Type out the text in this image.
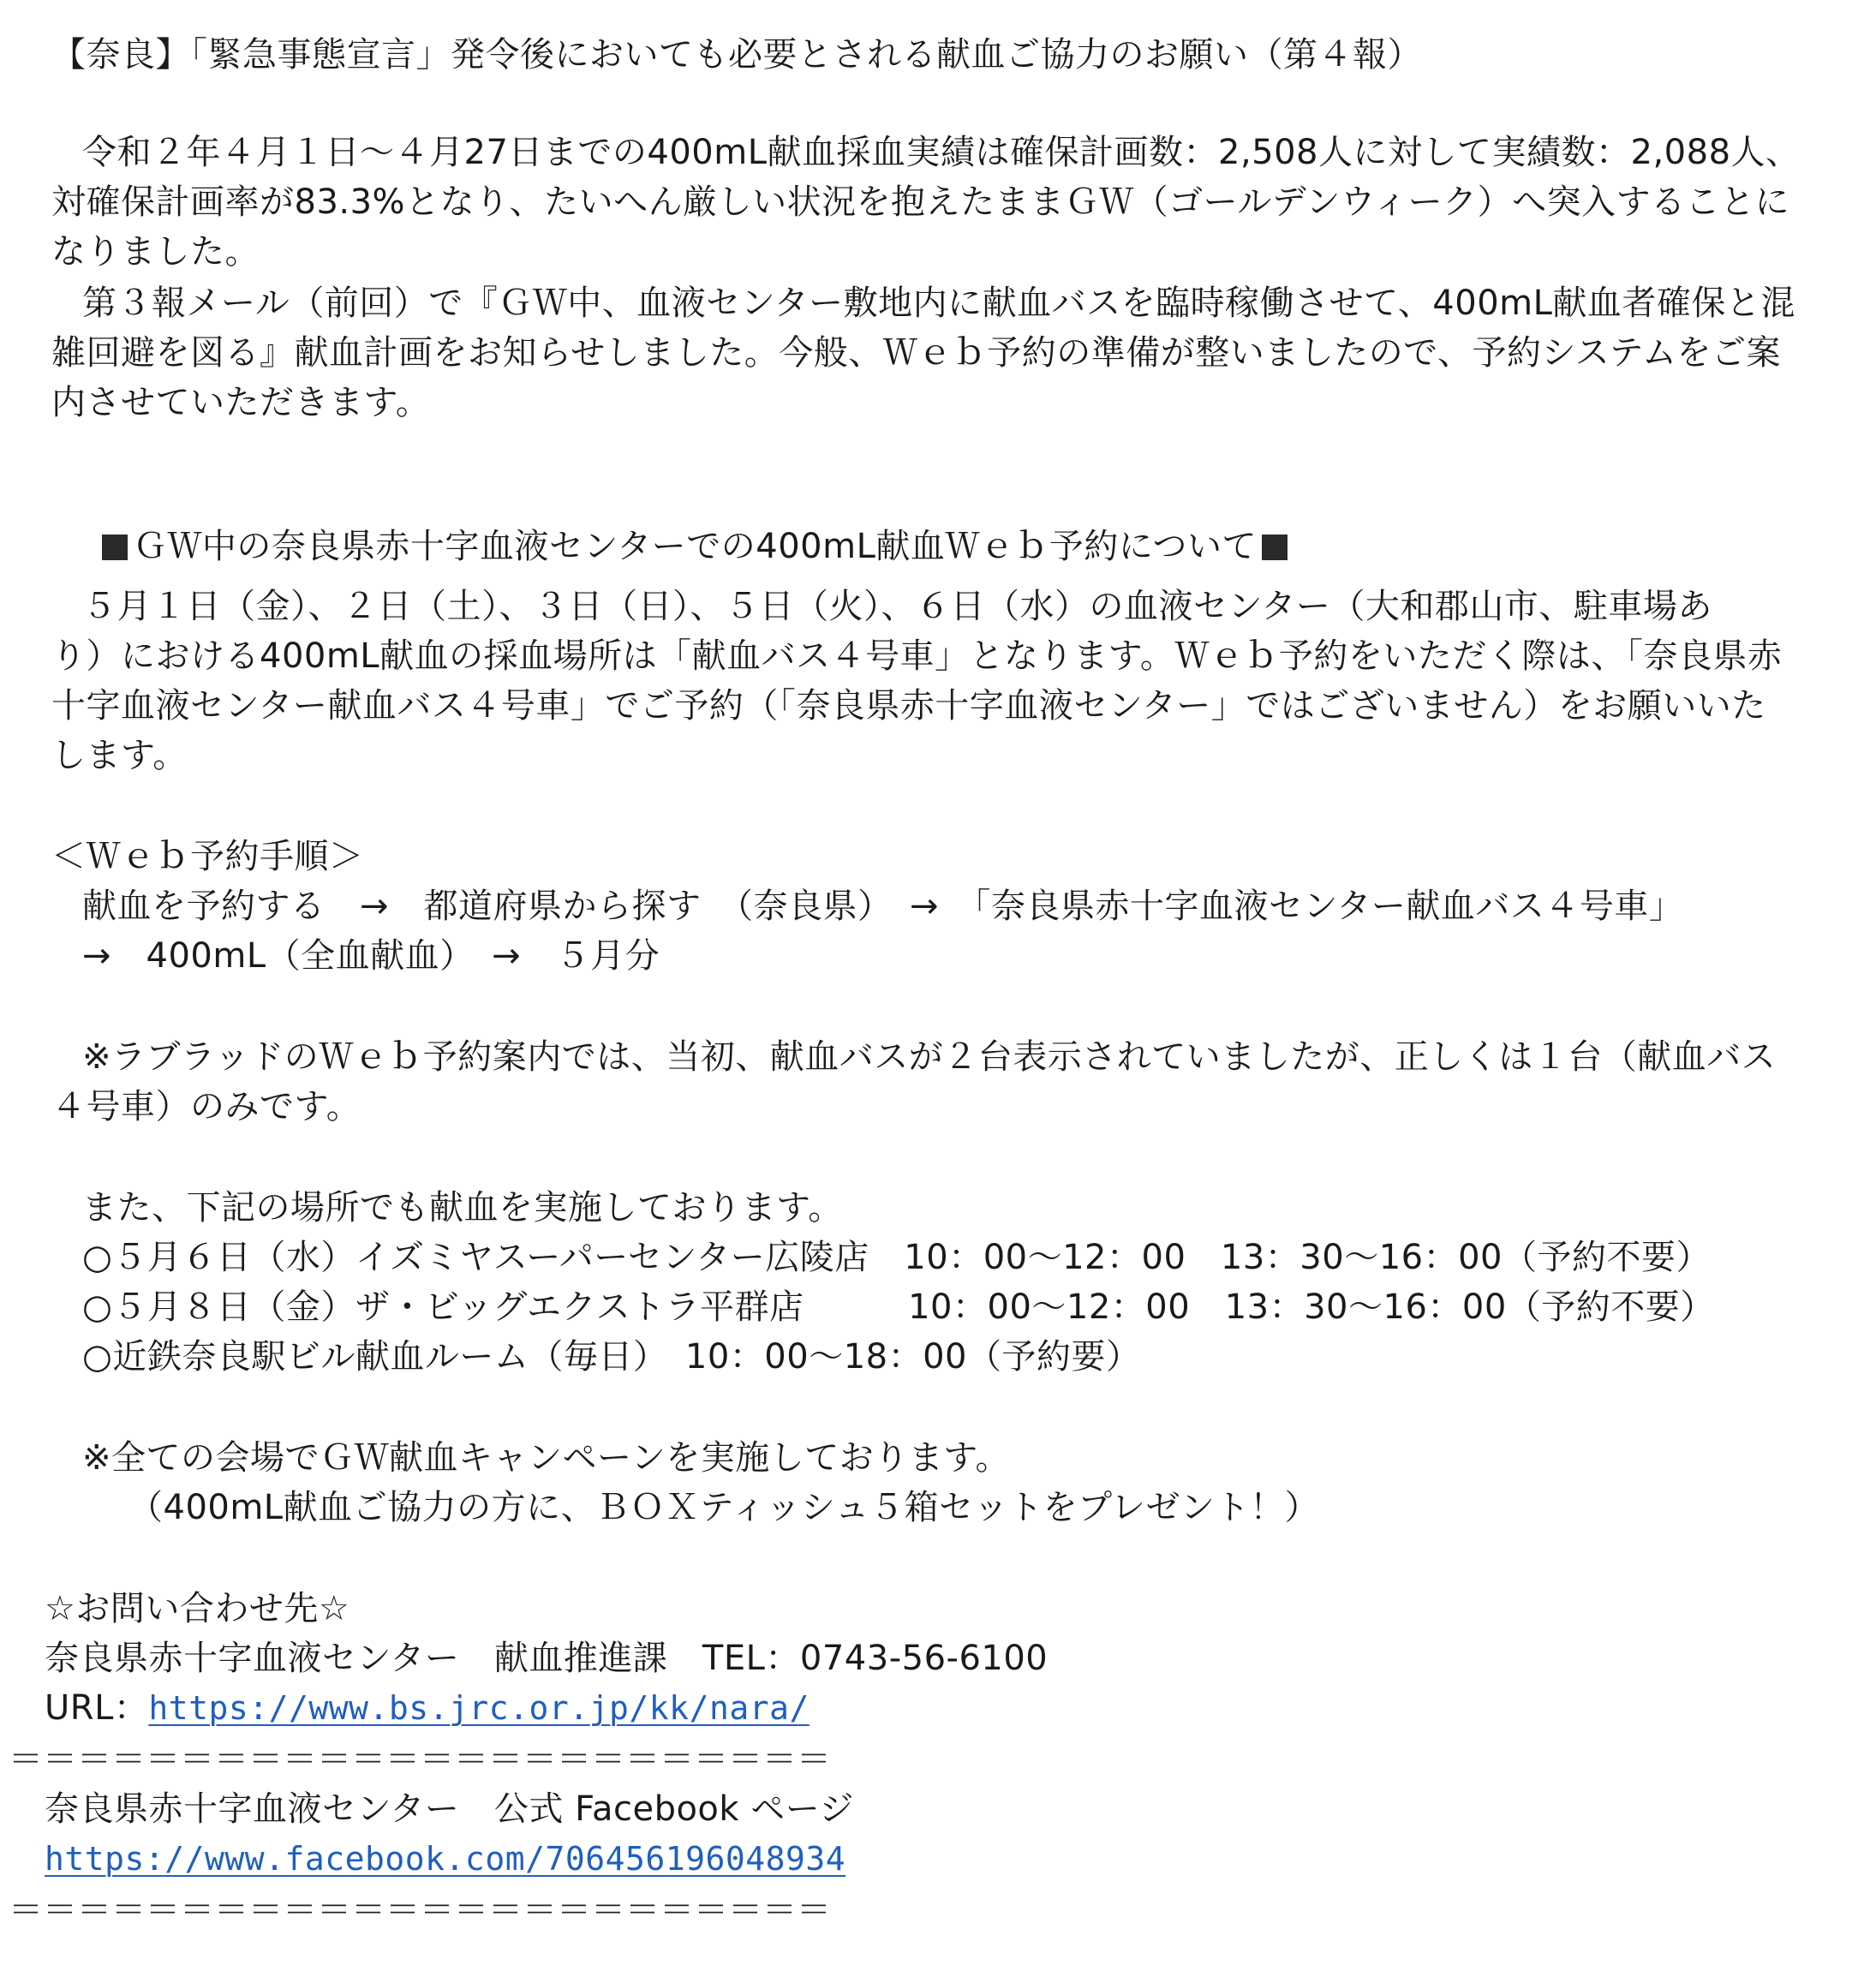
【奈良】「緊急事態宣言」発令後においても必要とされる献血ご協力のお願い（第４報）
令和２年４月１日～４月27日までの400mL献血採血実績は確保計画数：2,508人に対して実績数：2,088人、
対確保計画率が83.3%となり、たいへん厳しい状況を抱えたままＧＷ（ゴールデンウィーク）へ突入することに
なりました。
第３報メール（前回）で『ＧＷ中、血液センター敷地内に献血バスを臨時稼働させて、400mL献血者確保と混
雑回避を図る』献血計画をお知らせしました。今般、Ｗｅｂ予約の準備が整いましたので、予約システムをご案
内させていただきます。

ＧＷ中の奈良県赤十字血液センターでの400mL献血Ｗｅｂ予約について

５月１日（金）、２日（土）、３日（日）、５日（火）、６日（水）の血液センター（大和郡山市、駐車場あ
り）における400mL献血の採血場所は「献血バス４号車」となります。Ｗｅｂ予約をいただく際は、「奈良県赤
十字血液センター献血バス４号車」でご予約（「奈良県赤十字血液センター」ではございません）をお願いいた
します。
＜Ｗｅｂ予約手順＞
献血を予約する　→　都道府県から探す　（奈良県）　→　「奈良県赤十字血液センター献血バス４号車」
→　400mL（全血献血）　→　５月分
※ラブラッドのＷｅｂ予約案内では、当初、献血バスが２台表示されていましたが、正しくは１台（献血バス
４号車）のみです。
また、下記の場所でも献血を実施しております。
○５月６日（水）イズミヤスーパーセンター広陵店　10：00～12：00　13：30～16：00（予約不要）
○５月８日（金）ザ・ビッグエクストラ平群店　　　10：00～12：00　13：30～16：00（予約不要）
○近鉄奈良駅ビル献血ルーム（毎日）　10：00～18：00（予約要）
※全ての会場でＧＷ献血キャンペーンを実施しております。
（400mL献血ご協力の方に、ＢＯＸティッシュ５箱セットをプレゼント！）
☆お問い合わせ先☆
奈良県赤十字血液センター　献血推進課　TEL：0743-56-6100
URL：https://www.bs.jrc.or.jp/kk/nara/
＝＝＝＝＝＝＝＝＝＝＝＝＝＝＝＝＝＝＝＝＝＝＝＝
奈良県赤十字血液センター　公式 Facebook ページ
https://www.facebook.com/706456196048934
＝＝＝＝＝＝＝＝＝＝＝＝＝＝＝＝＝＝＝＝＝＝＝＝
